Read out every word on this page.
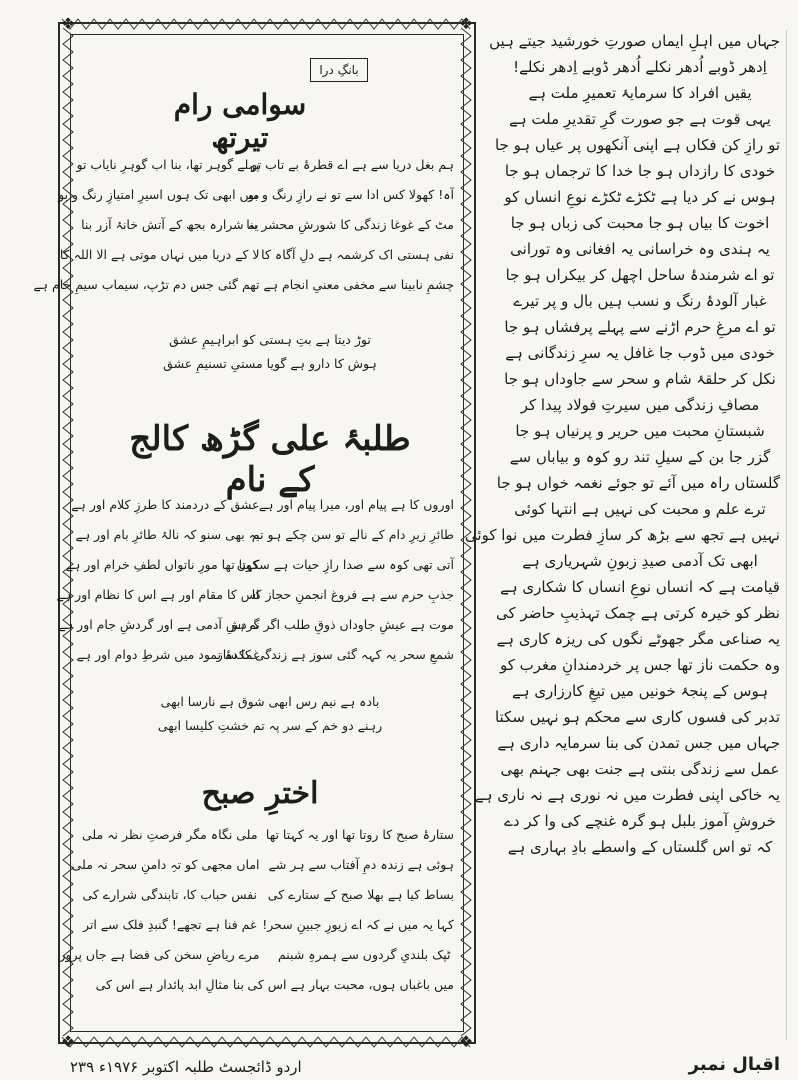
جہاں میں اہلِ ایماں صورتِ خورشید جیتے ہیں
اِدھر ڈوبے اُدھر نکلے اُدھر ڈوبے اِدھر نکلے!
یقیں افراد کا سرمایۂ تعمیرِ ملت ہے
یہی قوت ہے جو صورت گرِ تقدیرِ ملت ہے
تو رازِ کن فکاں ہے اپنی آنکھوں پر عیاں ہو جا
خودی کا رازداں ہو جا خدا کا ترجماں ہو جا
ہوس نے کر دیا ہے ٹکڑے ٹکڑے نوعِ انساں کو
اخوت کا بیاں ہو جا محبت کی زباں ہو جا
یہ ہندی وہ خراسانی یہ افغانی وہ تورانی
تو اے شرمندۂ ساحل اچھل کر بیکراں ہو جا
غبار آلودۂ رنگ و نسب ہیں بال و پر تیرے
تو اے مرغِ حرم اڑنے سے پہلے پرفشاں ہو جا
خودی میں ڈوب جا غافل یہ سرِ زندگانی ہے
نکل کر حلقۂ شام و سحر سے جاوداں ہو جا
مصافِ زندگی میں سیرتِ فولاد پیدا کر
شبستانِ محبت میں حریر و پرنیاں ہو جا
گزر جا بن کے سیلِ تند رو کوہ و بیاباں سے
گلستاں راہ میں آئے تو جوئے نغمہ خواں ہو جا
ترے علم و محبت کی نہیں ہے انتہا کوئی
نہیں ہے تجھ سے بڑھ کر سازِ فطرت میں نوا کوئی
ابھی تک آدمی صیدِ زبونِ شہریاری ہے
قیامت ہے کہ انساں نوعِ انساں کا شکاری ہے
نظر کو خیرہ کرتی ہے چمک تہذیبِ حاضر کی
یہ صناعی مگر جھوٹے نگوں کی ریزہ کاری ہے
وہ حکمت ناز تھا جس پر خردمندانِ مغرب کو
ہوس کے پنجۂ خونیں میں تیغِ کارزاری ہے
تدبر کی فسوں کاری سے محکم ہو نہیں سکتا
جہاں میں جس تمدن کی بنا سرمایہ داری ہے
عمل سے زندگی بنتی ہے جنت بھی جہنم بھی
یہ خاکی اپنی فطرت میں نہ نوری ہے نہ ناری ہے
خروشِ آموز بلبل ہو گرہ غنچے کی وا کر دے
کہ تو اس گلستاں کے واسطے بادِ بہاری ہے
❖	❖
❖	❖
بانگِ درا
سوامی رام تیرتھ
ہم بغل دریا سے ہے اے قطرۂ بے تاب تو
پہلے گوہر تھا، بنا اب گوہرِ نایاب تو
آہ! کھولا کس ادا سے تو نے رازِ رنگ و بو
میں ابھی تک ہوں اسیرِ امتیازِ رنگ و بو
مٹ کے غوغا زندگی کا شورشِ محشر بنا
یہ شرارہ بجھ کے آتش خانۂ آزر بنا
نفی ہستی اک کرشمہ ہے دلِ آگاہ کا
لا کے دریا میں نہاں موتی ہے الا اللہ کا
چشمِ نابینا سے مخفی معنیِ انجام ہے
تھم گئی جس دم تڑپ، سیماب سیمِ خام ہے
توڑ دیتا ہے بتِ ہستی کو ابراہیمِ عشق
ہوش کا دارو ہے گویا مستیِ تسنیمِ عشق
طلبۂ علی گڑھ کالج کے نام
اوروں کا ہے پیام اور، میرا پیام اور ہے
عشق کے دردمند کا طرزِ کلام اور ہے
طائرِ زیرِ دام کے نالے تو سن چکے ہو تم
یہ بھی سنو کہ نالۂ طائرِ بام اور ہے
آتی تھی کوہ سے صدا رازِ حیات ہے سکوں
کہتا تھا مورِ ناتواں لطفِ خرام اور ہے
جذبِ حرم سے ہے فروغ انجمنِ حجاز کا
اس کا مقام اور ہے اس کا نظام اور ہے
موت ہے عیشِ جاوداں ذوقِ طلب اگر نہ ہو
گردشِ آدمی ہے اور گردشِ جام اور ہے
شمعِ سحر یہ کہہ گئی سوز ہے زندگی کا ساز
غمکدۂ نمود میں شرطِ دوام اور ہے
بادہ ہے نیم رس ابھی شوق ہے نارسا ابھی
رہنے دو خم کے سر پہ تم خشتِ کلیسا ابھی
اخترِ صبح
ستارۂ صبح کا روتا تھا اور یہ کہتا تھا
ملی نگاہ مگر فرصتِ نظر نہ ملی
ہوئی ہے زندہ دمِ آفتاب سے ہر شے
اماں مجھی کو تہِ دامنِ سحر نہ ملی
بساط کیا ہے بھلا صبح کے ستارے کی
نفس حباب کا، تابندگی شرارے کی
کہا یہ میں نے کہ اے زیورِ جبینِ سحر!
غم فنا ہے تجھے! گنبدِ فلک سے اتر
ٹپک بلندیِ گردوں سے ہمرہِ شبنم
مرے ریاضِ سخن کی فضا ہے جاں پرور
میں باغباں ہوں، محبت بہار ہے اس کی
بنا مثالِ ابد پائدار ہے اس کی
اردو ڈائجسٹ طلبہ اکتوبر ۱۹۷۶ء ۲۳۹	اقبال نمبر
